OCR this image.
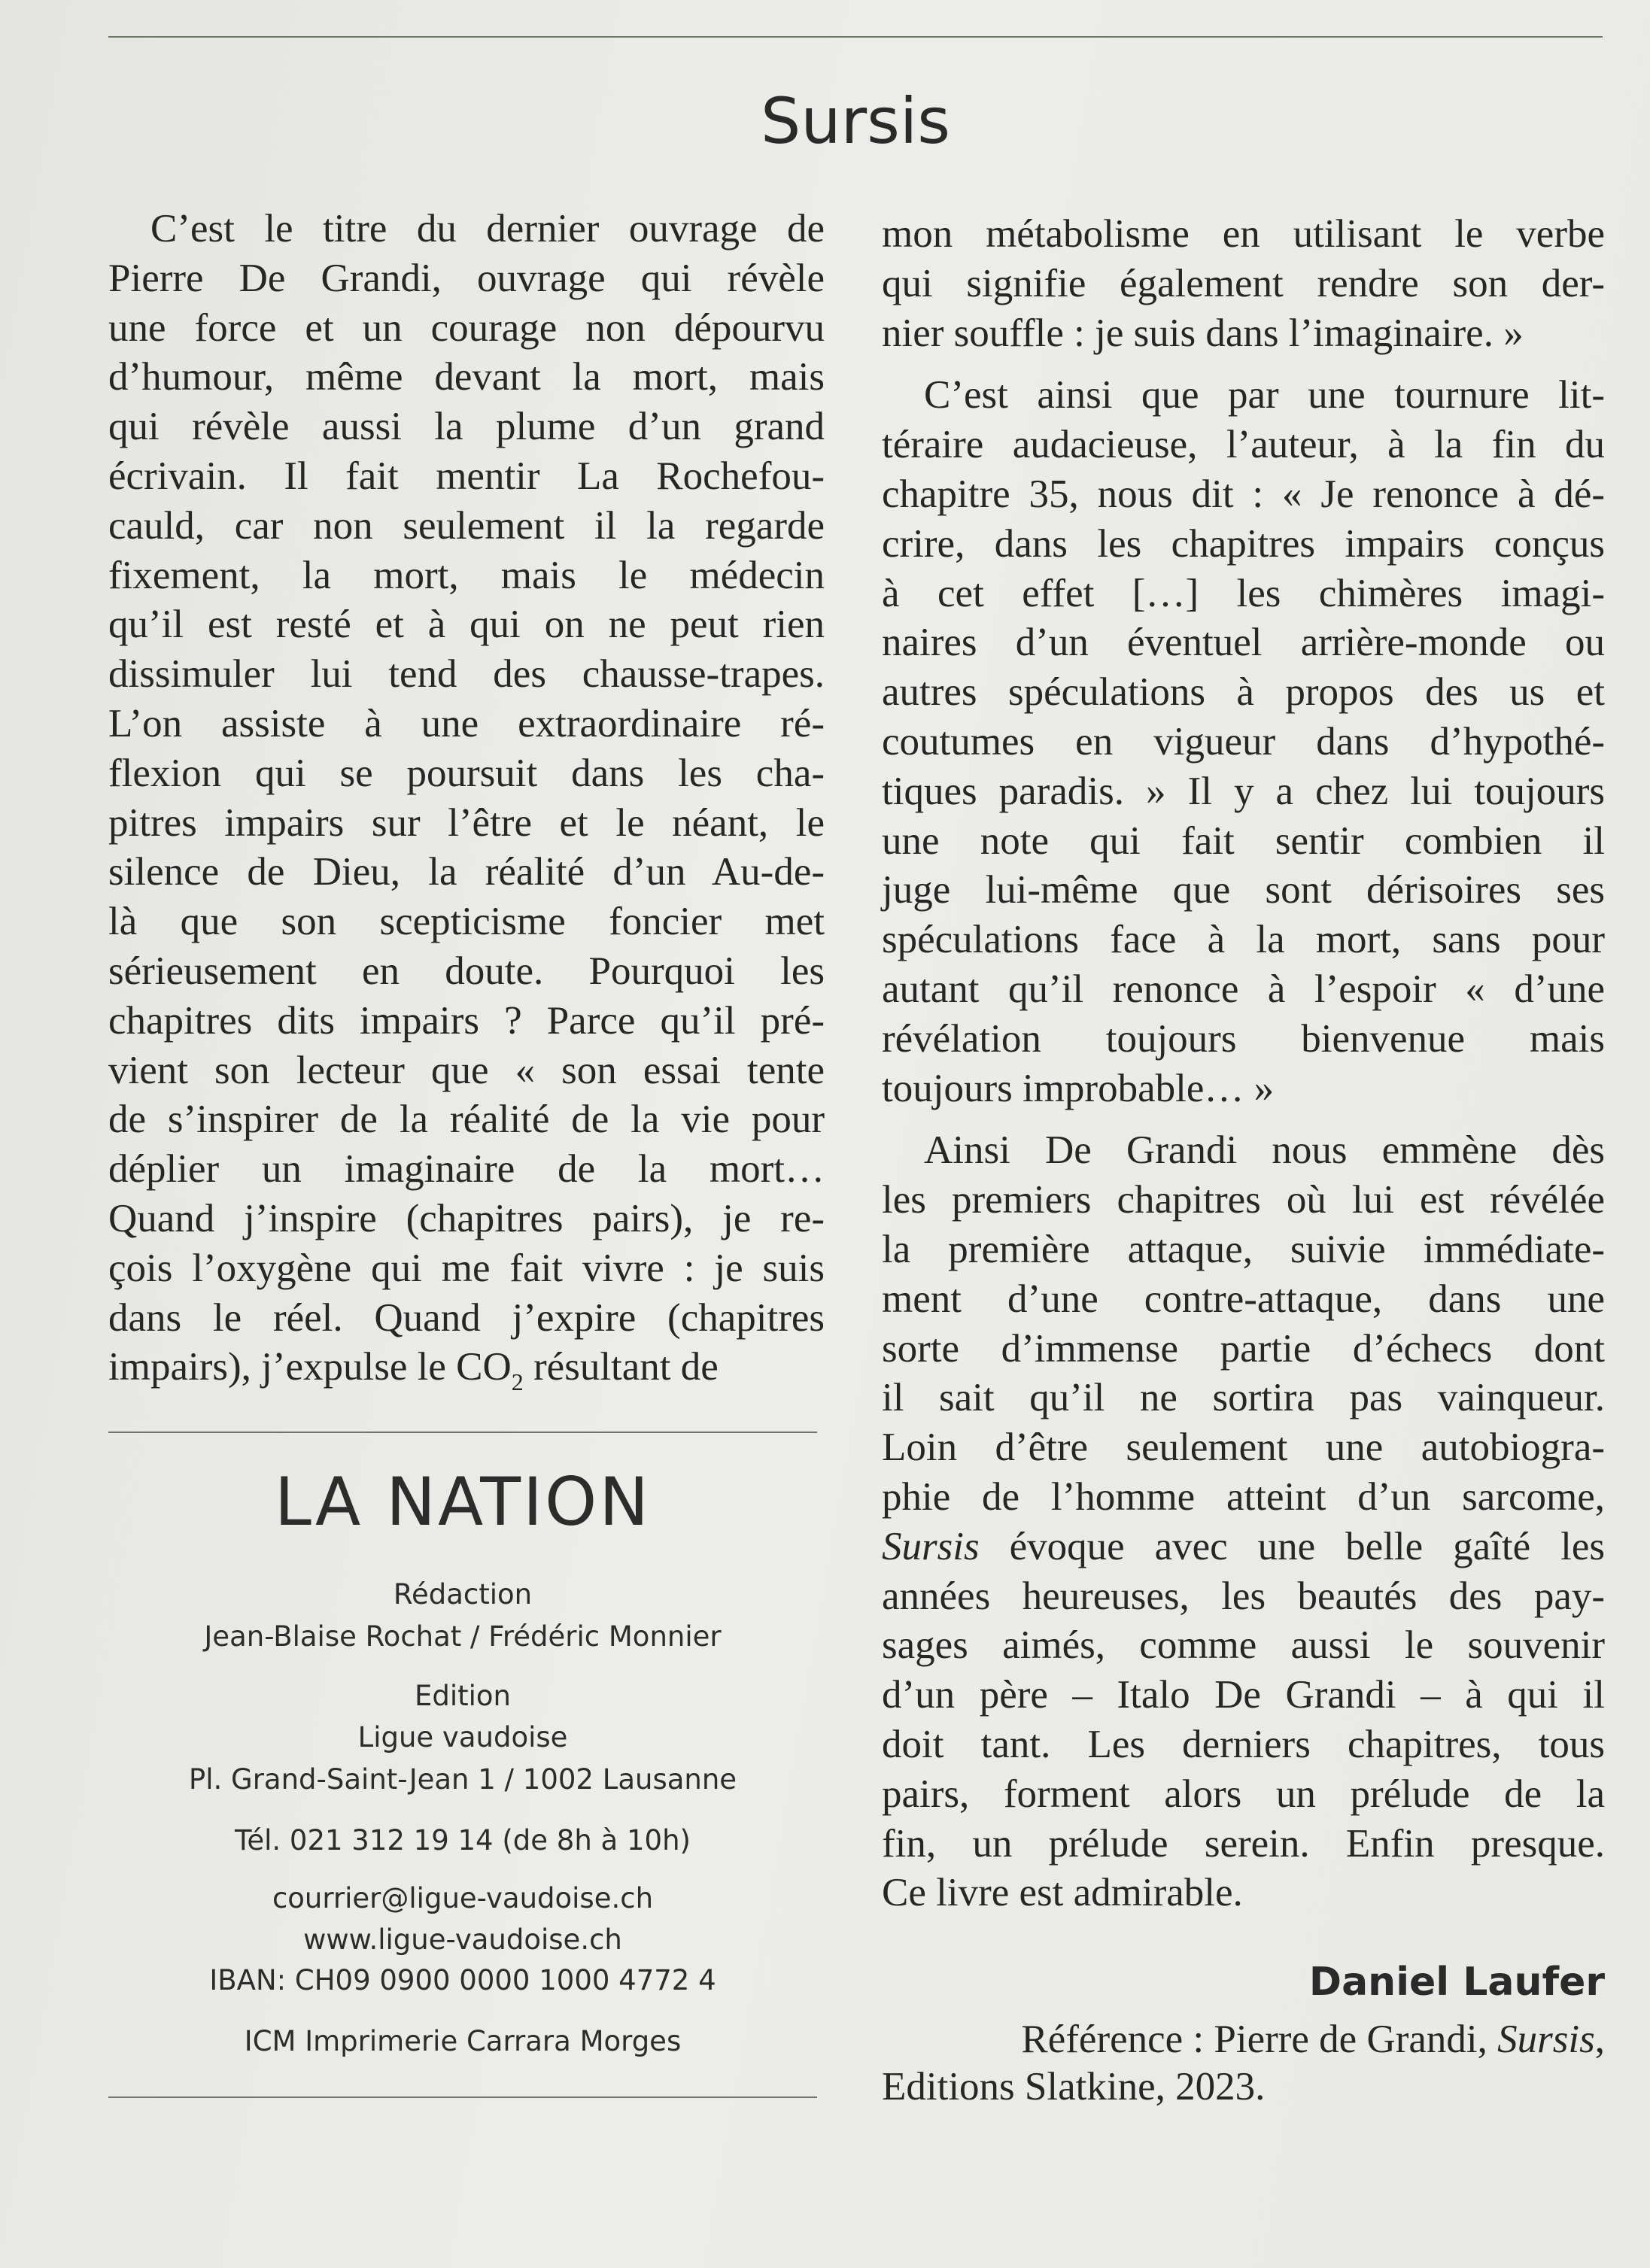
Sursis
C’est le titre du dernier ouvrage de
Pierre De Grandi, ouvrage qui révèle
une force et un courage non dépourvu
d’humour, même devant la mort, mais
qui révèle aussi la plume d’un grand
écrivain. Il fait mentir La Rochefou-
cauld, car non seulement il la regarde
fixement, la mort, mais le médecin
qu’il est resté et à qui on ne peut rien
dissimuler lui tend des chausse-trapes.
L’on assiste à une extraordinaire ré-
flexion qui se poursuit dans les cha-
pitres impairs sur l’être et le néant, le
silence de Dieu, la réalité d’un Au-de-
là que son scepticisme foncier met
sérieusement en doute. Pourquoi les
chapitres dits impairs ? Parce qu’il pré-
vient son lecteur que « son essai tente
de s’inspirer de la réalité de la vie pour
déplier un imaginaire de la mort…
Quand j’inspire (chapitres pairs), je re-
çois l’oxygène qui me fait vivre : je suis
dans le réel. Quand j’expire (chapitres
impairs), j’expulse le $CO_2$ résultant de
mon métabolisme en utilisant le verbe
qui signifie également rendre son der-
nier souffle : je suis dans l’imaginaire. »
C’est ainsi que par une tournure lit-
téraire audacieuse, l’auteur, à la fin du
chapitre 35, nous dit : « Je renonce à dé-
crire, dans les chapitres impairs conçus
à cet effet […] les chimères imagi-
naires d’un éventuel arrière-monde ou
autres spéculations à propos des us et
coutumes en vigueur dans d’hypothé-
tiques paradis. » Il y a chez lui toujours
une note qui fait sentir combien il
juge lui-même que sont dérisoires ses
spéculations face à la mort, sans pour
autant qu’il renonce à l’espoir « d’une
révélation toujours bienvenue mais
toujours improbable… »
Ainsi De Grandi nous emmène dès
les premiers chapitres où lui est révélée
la première attaque, suivie immédiate-
ment d’une contre-attaque, dans une
sorte d’immense partie d’échecs dont
il sait qu’il ne sortira pas vainqueur.
Loin d’être seulement une autobiogra-
phie de l’homme atteint d’un sarcome,
Sursis évoque avec une belle gaîté les
années heureuses, les beautés des pay-
sages aimés, comme aussi le souvenir
d’un père – Italo De Grandi – à qui il
doit tant. Les derniers chapitres, tous
pairs, forment alors un prélude de la
fin, un prélude serein. Enfin presque.
Ce livre est admirable.
LA NATION
Rédaction
Jean-Blaise Rochat / Frédéric Monnier
Edition
Ligue vaudoise
Pl. Grand-Saint-Jean 1 / 1002 Lausanne
Tél. 021 312 19 14 (de 8h à 10h)
courrier@ligue-vaudoise.ch
www.ligue-vaudoise.ch
IBAN: CH09 0900 0000 1000 4772 4
ICM Imprimerie Carrara Morges
Daniel Laufer
Référence : Pierre de Grandi, Sursis,
Editions Slatkine, 2023.
